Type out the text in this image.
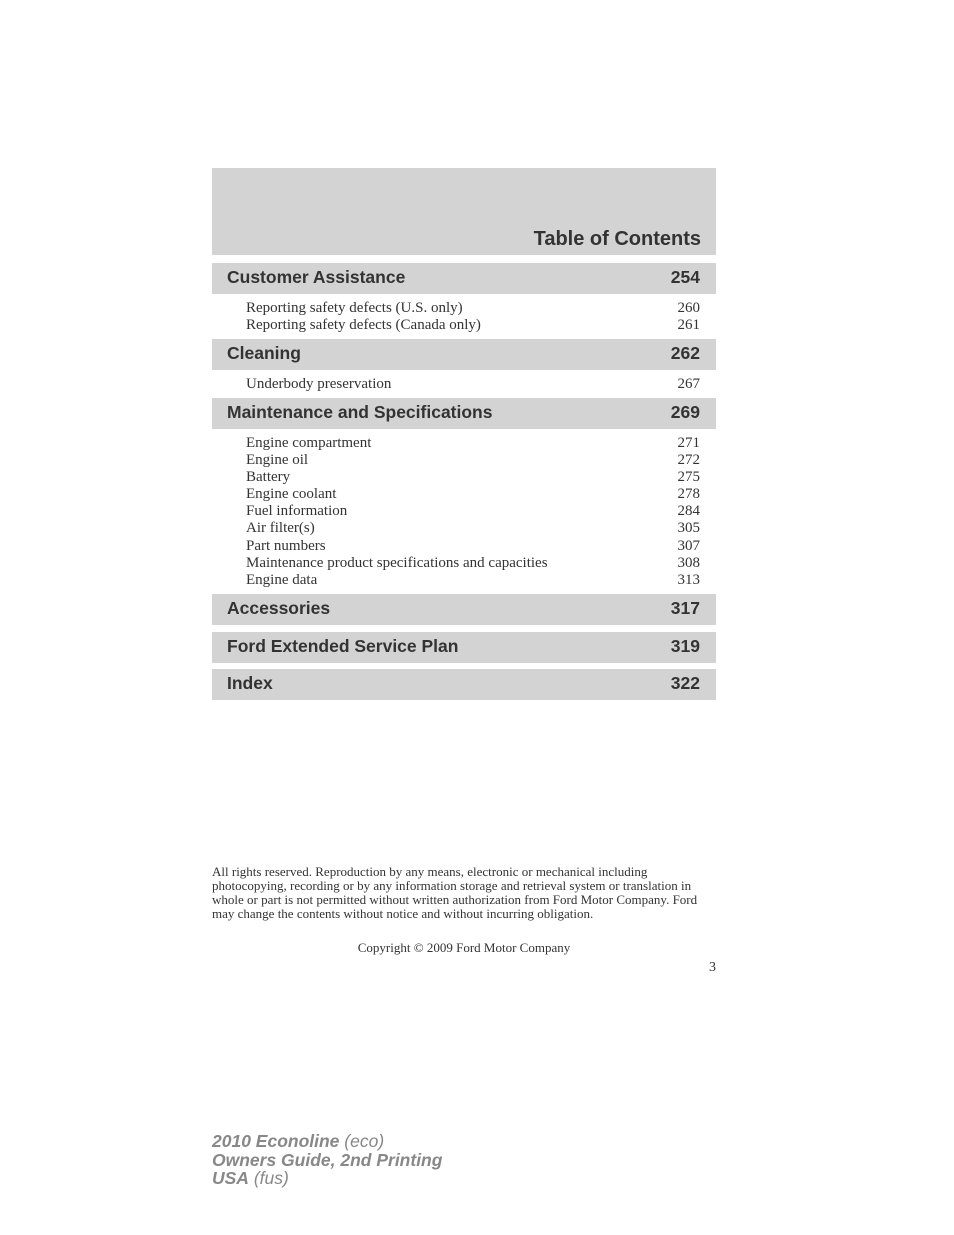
Table of Contents
Customer Assistance	254
Reporting safety defects (U.S. only)	260
Reporting safety defects (Canada only)	261
Cleaning	262
Underbody preservation	267
Maintenance and Specifications	269
Engine compartment	271
Engine oil	272
Battery	275
Engine coolant	278
Fuel information	284
Air filter(s)	305
Part numbers	307
Maintenance product specifications and capacities	308
Engine data	313
Accessories	317
Ford Extended Service Plan	319
Index	322

All rights reserved. Reproduction by any means, electronic or mechanical including photocopying, recording or by any information storage and retrieval system or translation in whole or part is not permitted without written authorization from Ford Motor Company. Ford may change the contents without notice and without incurring obligation.

Copyright © 2009 Ford Motor Company
3
2010 Econoline (eco)
Owners Guide, 2nd Printing
USA (fus)
